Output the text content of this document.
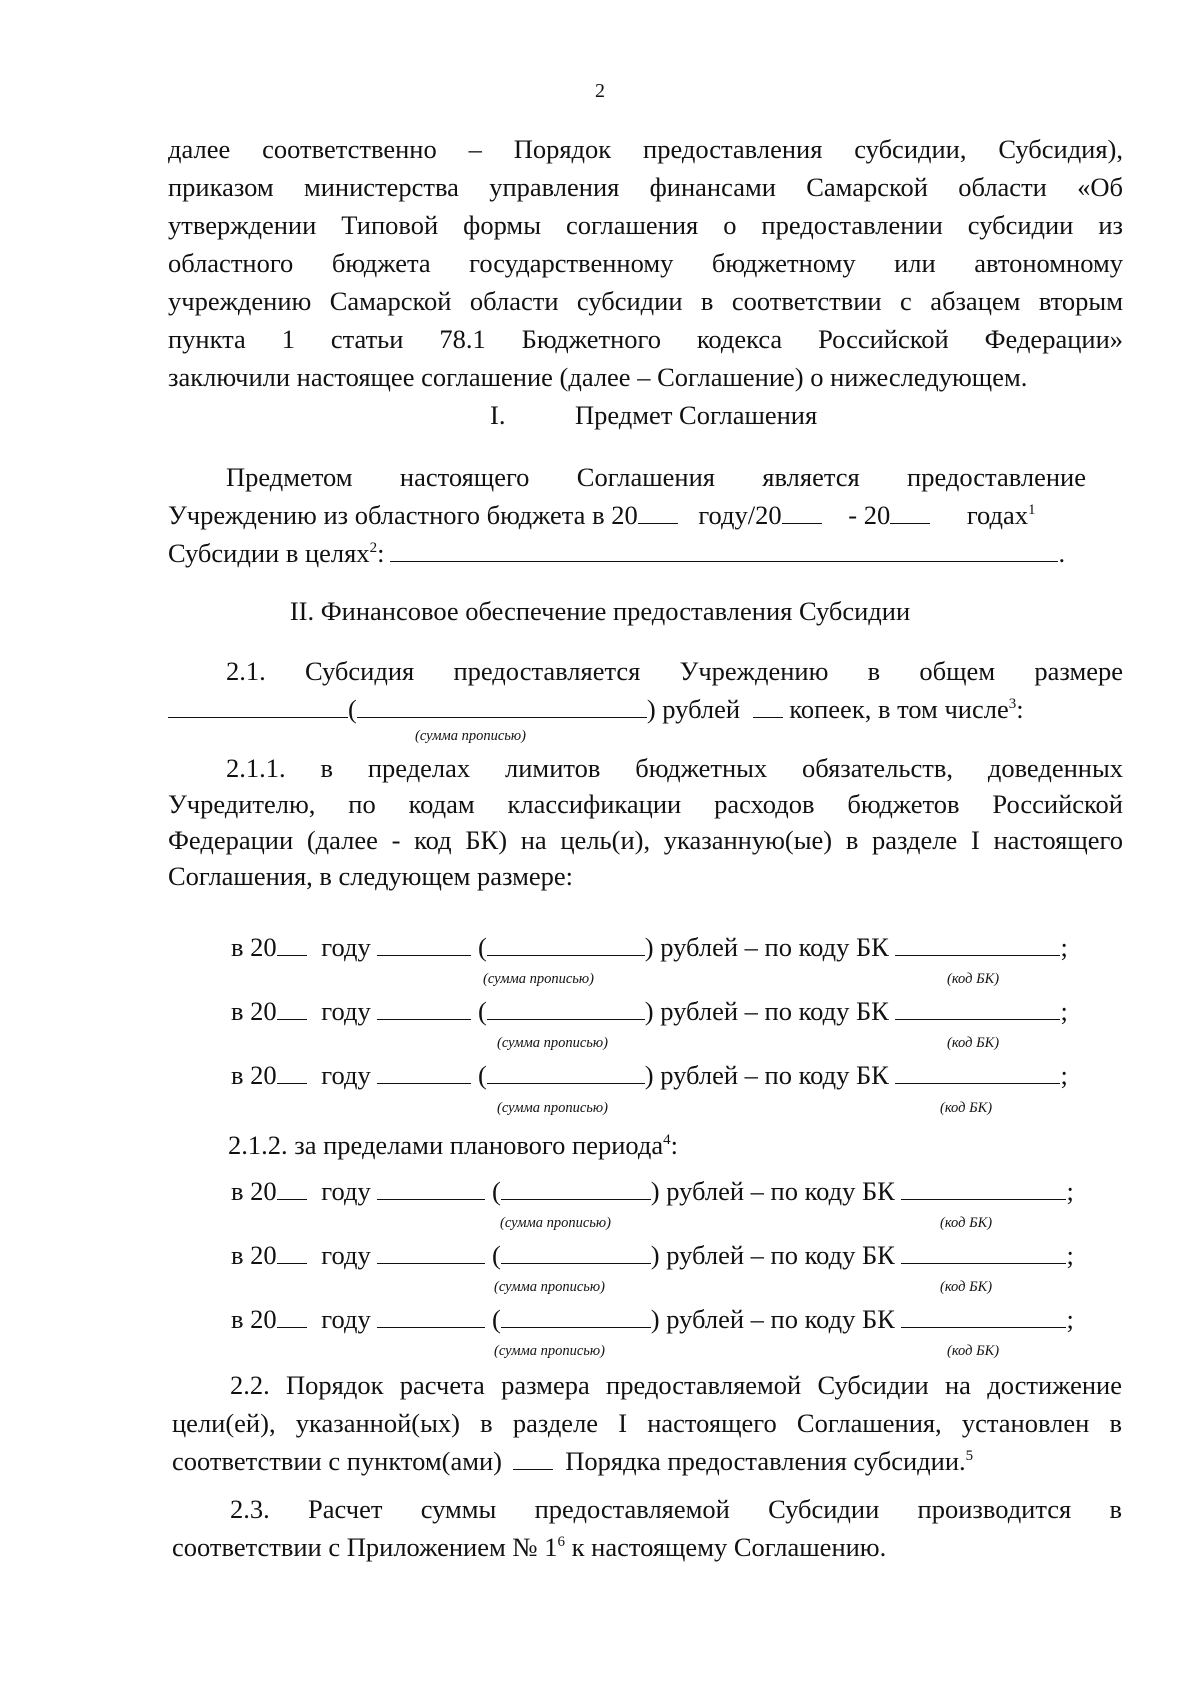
2

далее соответственно – Порядок предоставления субсидии, Субсидия),

приказом министерства управления финансами Самарской области «Об

утверждении Типовой формы соглашения о предоставлении субсидии из

областного бюджета государственному бюджетному или автономному

учреждению Самарской области субсидии в соответствии с абзацем вторым

пункта 1 статьи 78.1 Бюджетного кодекса Российской Федерации»

заключили настоящее соглашение (далее – Соглашение) о нижеследующем.

I.	Предмет Соглашения

Предметом настоящего Соглашения является предоставление

Учреждению из областного бюджета в 20 году/20	- 20	годах$^1$
Субсидии в целях$^2$:	.
II. Финансовое обеспечение предоставления Субсидии

2.1. Субсидия предоставляется Учреждению в общем размере

(	) рублей копеек, в том числе$^3$:
(сумма прописью)

2.1.1. в пределах лимитов бюджетных обязательств, доведенных

Учредителю, по кодам классификации расходов бюджетов Российской

Федерации (далее - код БК) на цель(и), указанную(ые) в разделе I настоящего

Соглашения, в следующем размере:

в 20 году	(	) рублей – по коду БК	;
(сумма прописью)	(код БК)
в 20 году	(	) рублей – по коду БК	;
(сумма прописью)	(код БК)
в 20 году	(	) рублей – по коду БК	;
(сумма прописью)	(код БК)
2.1.2. за пределами планового периода$^4$:
в 20 году	(	) рублей – по коду БК	;
(сумма прописью)	(код БК)
в 20 году	(	) рублей – по коду БК	;
(сумма прописью)	(код БК)
в 20 году	(	) рублей – по коду БК	;
(сумма прописью)	(код БК)

2.2. Порядок расчета размера предоставляемой Субсидии на достижение

цели(ей), указанной(ых) в разделе I настоящего Соглашения, установлен в

соответствии с пунктом(ами) Порядка предоставления субсидии.$^5$

2.3. Расчет суммы предоставляемой Субсидии производится в

соответствии с Приложением № $1^6$ к настоящему Соглашению.
